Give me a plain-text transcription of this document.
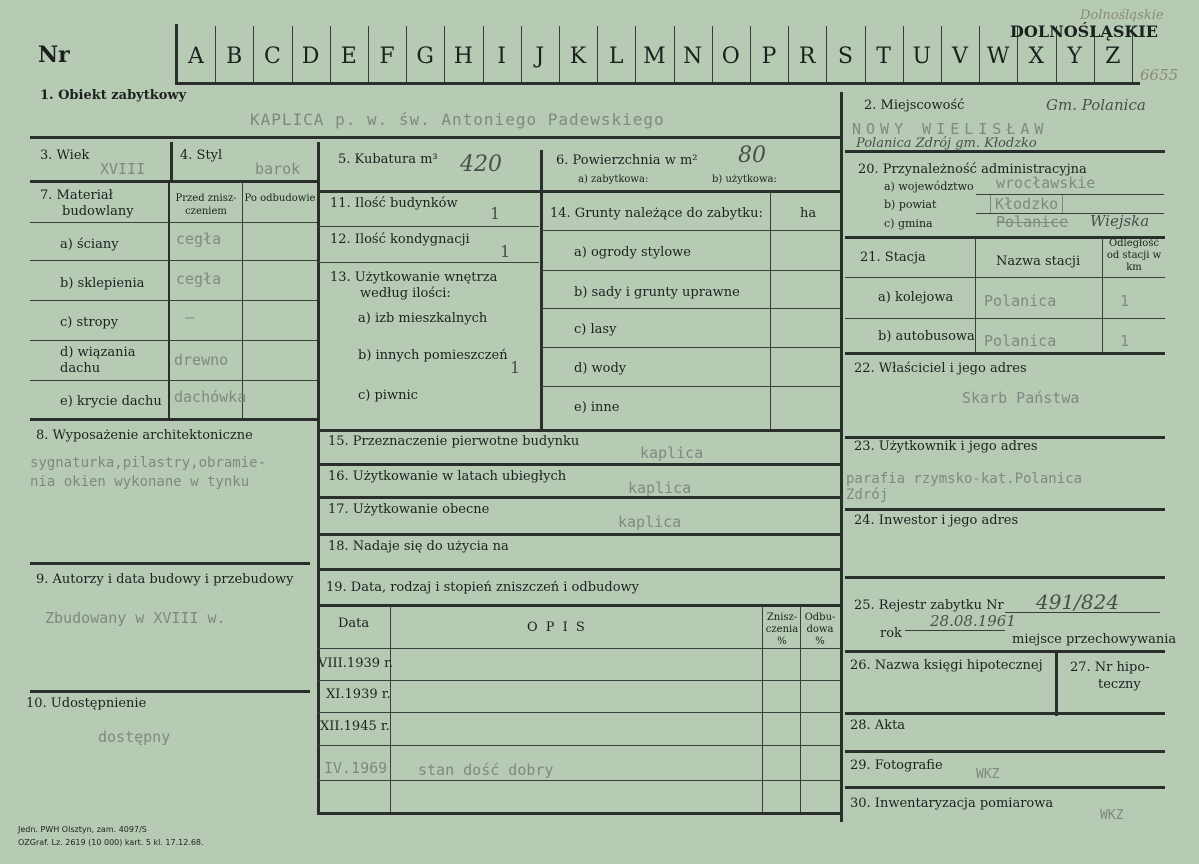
Nr	A	B C D E	F G H	I	J	K	L M N O P	R	S	T U V W X	Y	Z
DOLNOŚLĄSKIE
Dolnośląskie
6655
1. Obiekt zabytkowy
KAPLICA p. w. św. Antoniego Padewskiego
3. Wiek
XVIII
4. Styl
barok
7. Materiał
budowlany
Przed znisz- czeniem
Po odbudowie
a) ściany	cegła
b) sklepienia cegła
c) stropy	–
d) wiązania dachu	drewno
e) krycie dachu dachówka
8. Wyposażenie architektoniczne
sygnaturka,pilastry,obramie-
nia okien wykonane w tynku
9. Autorzy i data budowy i przebudowy
Zbudowany w XVIII w.
10. Udostępnienie
dostępny
5. Kubatura m³ 420	6. Powierzchnia w m² 80
a) zabytkowa:	b) użytkowa:
11. Ilość budynków
1
12. Ilość kondygnacji
1
13. Użytkowanie wnętrza
według ilości:
a) izb mieszkalnych
b) innych pomieszczeń
1
c) piwnic
14. Grunty należące do zabytku:	ha
a) ogrody stylowe
b) sady i grunty uprawne
c) lasy
d) wody
e) inne
15. Przeznaczenie pierwotne budynku
kaplica
16. Użytkowanie w latach ubiegłych
kaplica
17. Użytkowanie obecne
kaplica
18. Nadaje się do użycia na
19. Data, rodzaj i stopień zniszczeń i odbudowy
Data	O P I S
Znisz- czenia %
Odbu- dowa %
VIII.1939 r.
XI.1939 r.
XII.1945 r.
IV.1969 stan dość dobry
2. Miejscowość	Gm. Polanica
NOWY WIELISŁAW
Polanica Zdrój gm. Kłodzko
20. Przynależność administracyjna
a) województwo wrocławskie
b) powiat	Kłodzko
c) gmina	Polanice Wiejska
21. Stacja	Nazwa stacji
Odległość od stacji w km
a) kolejowa Polanica	1
b) autobusowa Polanica	1
22. Właściciel i jego adres
Skarb Państwa
23. Użytkownik i jego adres
parafia rzymsko-kat.Polanica
Zdrój
24. Inwestor i jego adres
25. Rejestr zabytku Nr 491/824
rok
28.08.1961
miejsce przechowywania
26. Nazwa księgi hipotecznej 27. Nr hipo-
teczny
28. Akta
29. Fotografie
WKZ
30. Inwentaryzacja pomiarowa
WKZ
Jedn. PWH Olsztyn, zam. 4097/S
OZGraf. Lz. 2619 (10 000) kart. 5 kl. 17.12.68.
